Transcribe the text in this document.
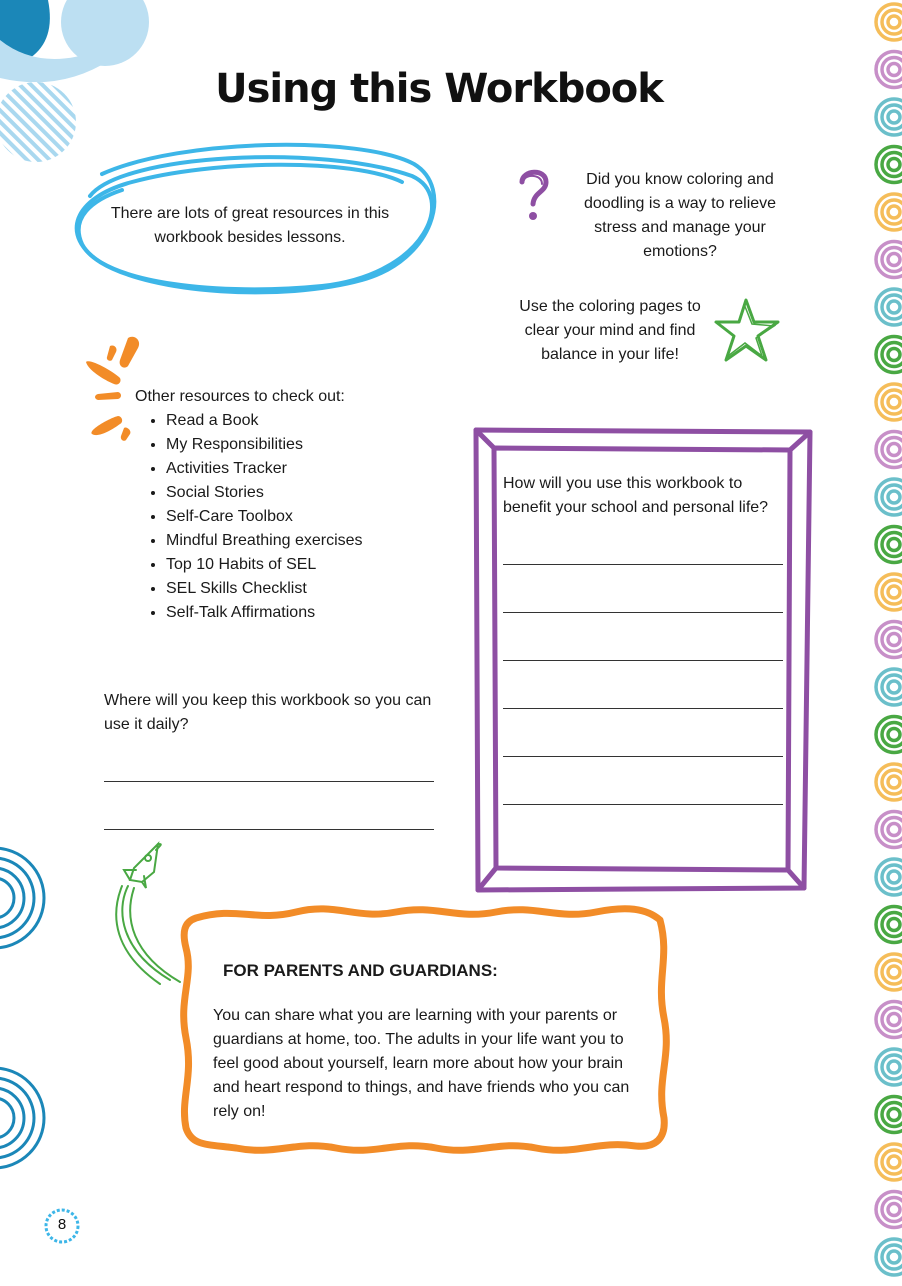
Using this Workbook
There are lots of great resources in this workbook besides lessons.
Did you know coloring and doodling is a way to relieve stress and manage your emotions?
Use the coloring pages to clear your mind and find balance in your life!
Other resources to check out:
• Read a Book
• My Responsibilities
• Activities Tracker
• Social Stories
• Self-Care Toolbox
• Mindful Breathing exercises
• Top 10 Habits of SEL
• SEL Skills Checklist
• Self-Talk Affirmations
Where will you keep this workbook so you can use it daily?
How will you use this workbook to benefit your school and personal life?
FOR PARENTS AND GUARDIANS:
You can share what you are learning with your parents or guardians at home, too. The adults in your life want you to feel good about yourself, learn more about how your brain and heart respond to things, and have friends who you can rely on!
8
